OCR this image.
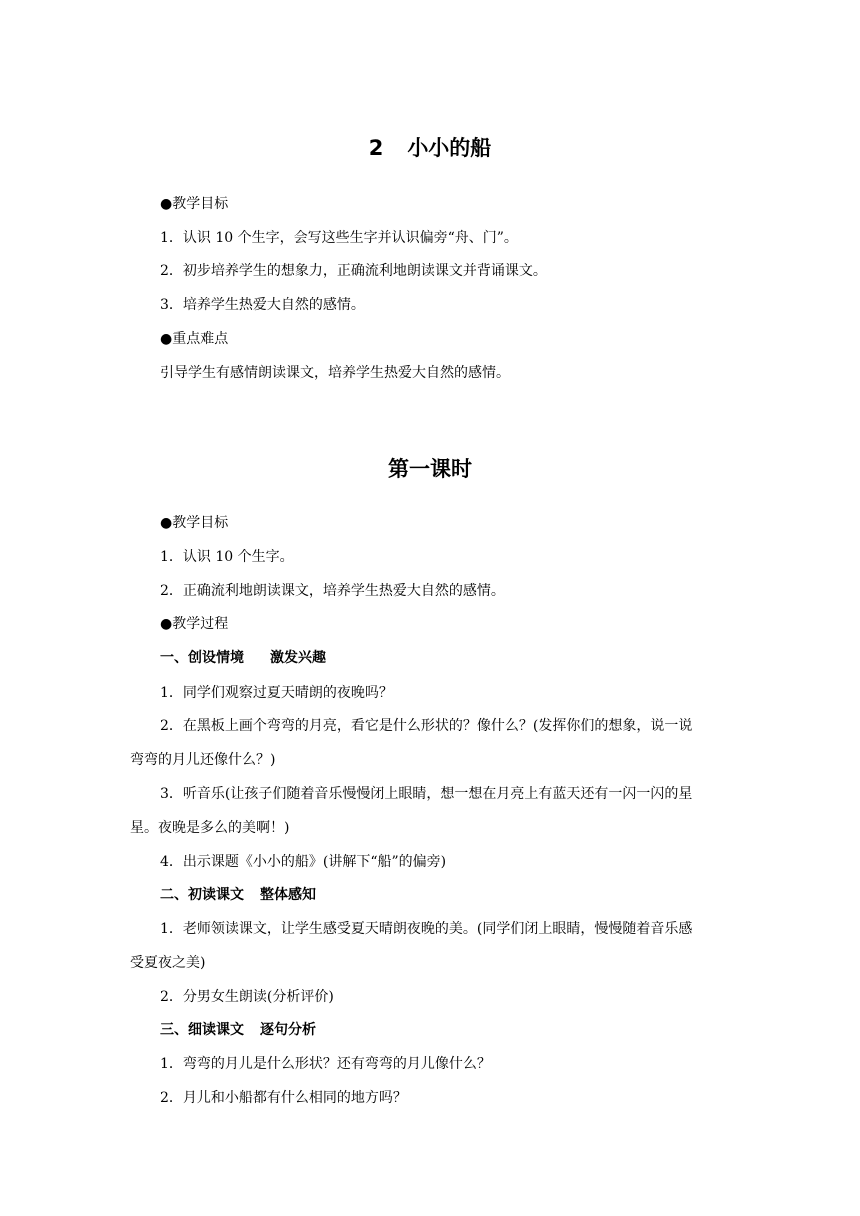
2 小小的船
●教学目标
1．认识 10 个生字，会写这些生字并认识偏旁“舟、门”。
2．初步培养学生的想象力，正确流利地朗读课文并背诵课文。
3．培养学生热爱大自然的感情。
●重点难点
引导学生有感情朗读课文，培养学生热爱大自然的感情。
第一课时
●教学目标
1．认识 10 个生字。
2．正确流利地朗读课文，培养学生热爱大自然的感情。
●教学过程
一、创设情境 激发兴趣
1．同学们观察过夏天晴朗的夜晚吗？
2．在黑板上画个弯弯的月亮，看它是什么形状的？像什么？(发挥你们的想象，说一说
弯弯的月儿还像什么？)
3．听音乐(让孩子们随着音乐慢慢闭上眼睛，想一想在月亮上有蓝天还有一闪一闪的星
星。夜晚是多么的美啊！)
4．出示课题《小小的船》(讲解下“船”的偏旁)
二、初读课文 整体感知
1．老师领读课文，让学生感受夏天晴朗夜晚的美。(同学们闭上眼睛，慢慢随着音乐感
受夏夜之美)
2．分男女生朗读(分析评价)
三、细读课文 逐句分析
1．弯弯的月儿是什么形状？还有弯弯的月儿像什么？
2．月儿和小船都有什么相同的地方吗？
